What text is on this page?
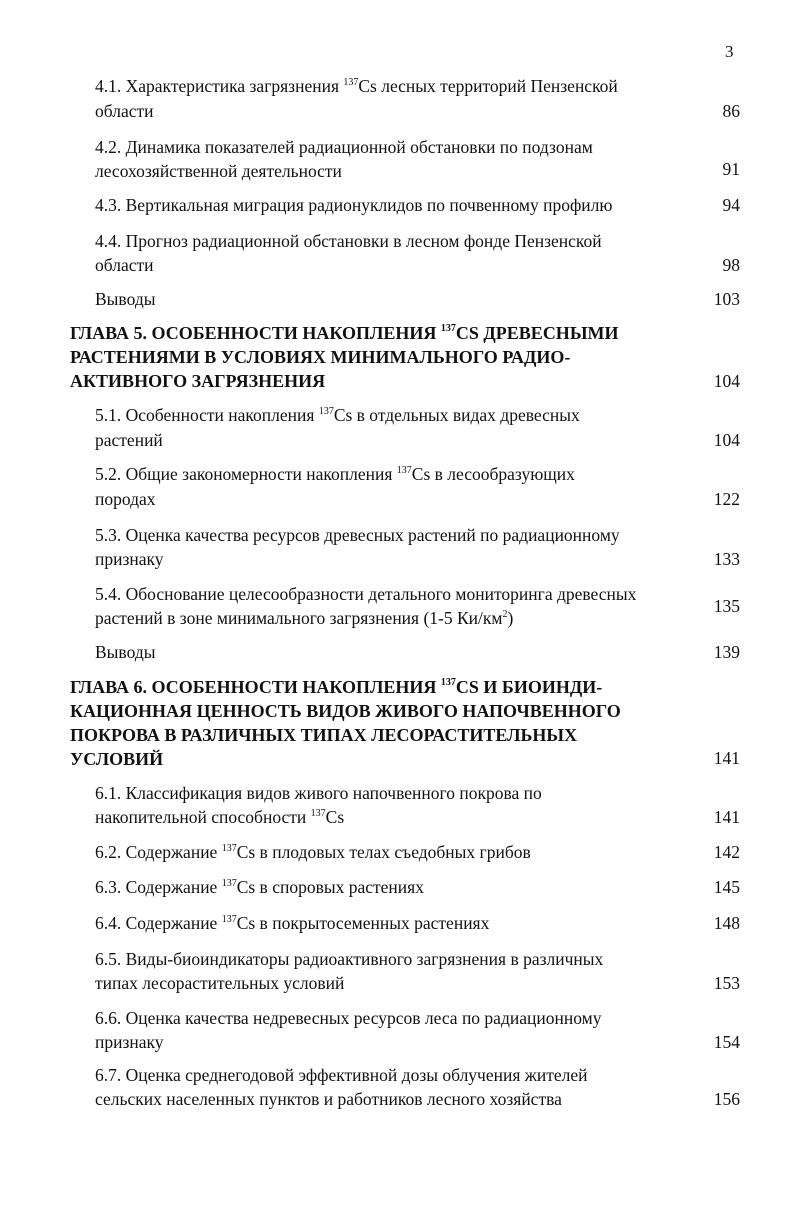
3
4.1. Характеристика загрязнения $^{137}$Cs лесных территорий Пензенской
области	86
4.2. Динамика показателей радиационной обстановки по подзонам
лесохозяйственной деятельности	91
4.3. Вертикальная миграция радионуклидов по почвенному профилю	94
4.4. Прогноз радиационной обстановки в лесном фонде Пензенской
области	98
Выводы	103
ГЛАВА 5. ОСОБЕННОСТИ НАКОПЛЕНИЯ $^{137}$CS ДРЕВЕСНЫМИ
РАСТЕНИЯМИ В УСЛОВИЯХ МИНИМАЛЬНОГО РАДИО-
АКТИВНОГО ЗАГРЯЗНЕНИЯ	104
5.1. Особенности накопления $^{137}$Cs в отдельных видах древесных
растений	104
5.2. Общие закономерности накопления $^{137}$Cs в лесообразующих
породах	122
5.3. Оценка качества ресурсов древесных растений по радиационному
признаку	133
5.4. Обоснование целесообразности детального мониторинга древесных
растений в зоне минимального загрязнения (1-5 $Ки/км^2$)
135
Выводы	139
ГЛАВА 6. ОСОБЕННОСТИ НАКОПЛЕНИЯ $^{137}$CS И БИОИНДИ-
КАЦИОННАЯ ЦЕННОСТЬ ВИДОВ ЖИВОГО НАПОЧВЕННОГО
ПОКРОВА В РАЗЛИЧНЫХ ТИПАХ ЛЕСОРАСТИТЕЛЬНЫХ
УСЛОВИЙ	141
6.1. Классификация видов живого напочвенного покрова по
накопительной способности $^{137}$Cs	141
6.2. Содержание $^{137}$Cs в плодовых телах съедобных грибов	142
6.3. Содержание $^{137}$Cs в споровых растениях	145
6.4. Содержание $^{137}$Cs в покрытосеменных растениях	148
6.5. Виды-биоиндикаторы радиоактивного загрязнения в различных
типах лесорастительных условий	153
6.6. Оценка качества недревесных ресурсов леса по радиационному
признаку	154
6.7. Оценка среднегодовой эффективной дозы облучения жителей
сельских населенных пунктов и работников лесного хозяйства	156
